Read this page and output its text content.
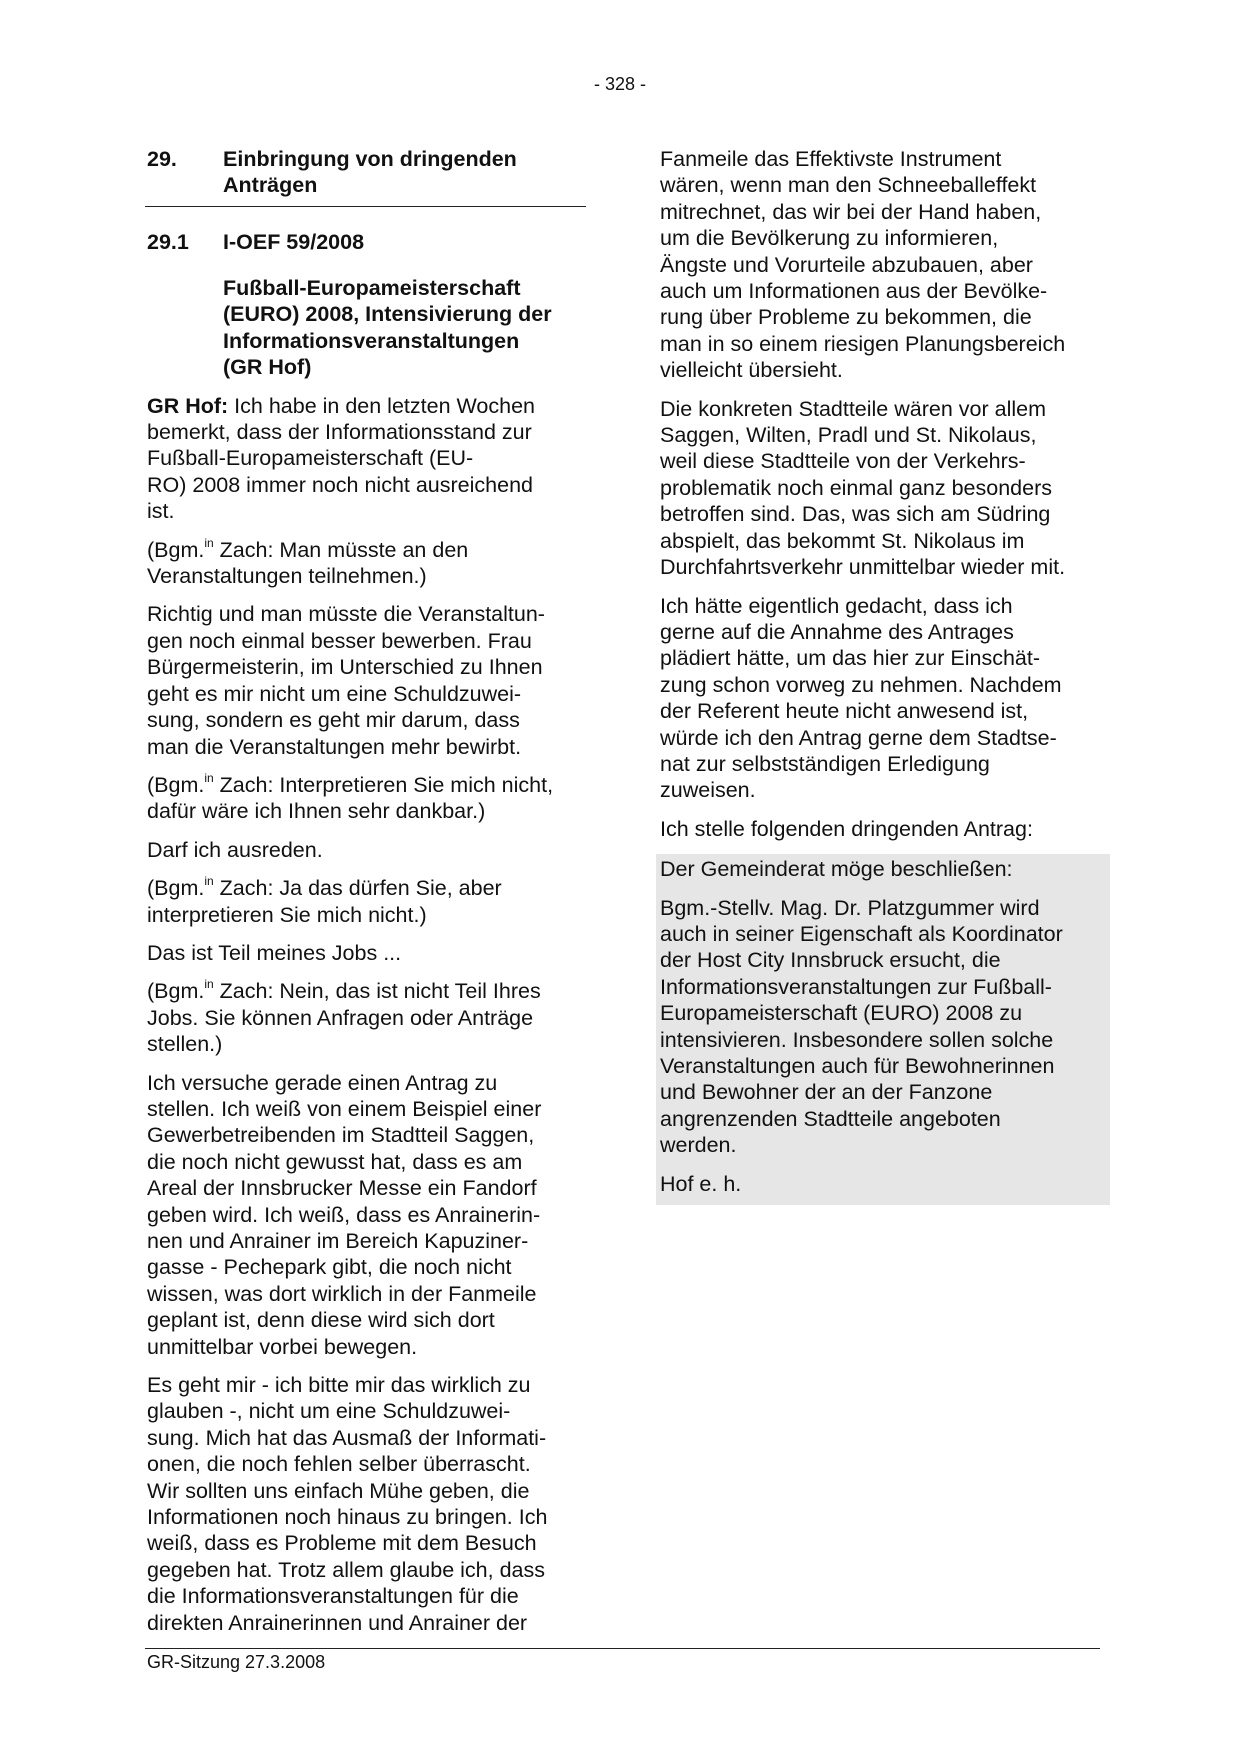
- 328 -
29.	Einbringung von dringenden
Anträgen
29.1	I-OEF 59/2008
Fußball-Europameisterschaft
(EURO) 2008, Intensivierung der
Informationsveranstaltungen
(GR Hof)

GR Hof: Ich habe in den letzten Wochen
bemerkt, dass der Informationsstand zur
Fußball-Europameisterschaft (EU-
RO) 2008 immer noch nicht ausreichend
ist.

(Bgm.$^{in}$ Zach: Man müsste an den
Veranstaltungen teilnehmen.)

Richtig und man müsste die Veranstaltun-
gen noch einmal besser bewerben. Frau
Bürgermeisterin, im Unterschied zu Ihnen
geht es mir nicht um eine Schuldzuwei-
sung, sondern es geht mir darum, dass
man die Veranstaltungen mehr bewirbt.

(Bgm.$^{in}$ Zach: Interpretieren Sie mich nicht,
dafür wäre ich Ihnen sehr dankbar.)

Darf ich ausreden.

(Bgm.$^{in}$ Zach: Ja das dürfen Sie, aber
interpretieren Sie mich nicht.)

Das ist Teil meines Jobs ...

(Bgm.$^{in}$ Zach: Nein, das ist nicht Teil Ihres
Jobs. Sie können Anfragen oder Anträge
stellen.)

Ich versuche gerade einen Antrag zu
stellen. Ich weiß von einem Beispiel einer
Gewerbetreibenden im Stadtteil Saggen,
die noch nicht gewusst hat, dass es am
Areal der Innsbrucker Messe ein Fandorf
geben wird. Ich weiß, dass es Anrainerin-
nen und Anrainer im Bereich Kapuziner-
gasse - Pechepark gibt, die noch nicht
wissen, was dort wirklich in der Fanmeile
geplant ist, denn diese wird sich dort
unmittelbar vorbei bewegen.

Es geht mir - ich bitte mir das wirklich zu
glauben -, nicht um eine Schuldzuwei-
sung. Mich hat das Ausmaß der Informati-
onen, die noch fehlen selber überrascht.
Wir sollten uns einfach Mühe geben, die
Informationen noch hinaus zu bringen. Ich
weiß, dass es Probleme mit dem Besuch
gegeben hat. Trotz allem glaube ich, dass
die Informationsveranstaltungen für die
direkten Anrainerinnen und Anrainer der

Fanmeile das Effektivste Instrument
wären, wenn man den Schneeballeffekt
mitrechnet, das wir bei der Hand haben,
um die Bevölkerung zu informieren,
Ängste und Vorurteile abzubauen, aber
auch um Informationen aus der Bevölke-
rung über Probleme zu bekommen, die
man in so einem riesigen Planungsbereich
vielleicht übersieht.

Die konkreten Stadtteile wären vor allem
Saggen, Wilten, Pradl und St. Nikolaus,
weil diese Stadtteile von der Verkehrs-
problematik noch einmal ganz besonders
betroffen sind. Das, was sich am Südring
abspielt, das bekommt St. Nikolaus im
Durchfahrtsverkehr unmittelbar wieder mit.

Ich hätte eigentlich gedacht, dass ich
gerne auf die Annahme des Antrages
plädiert hätte, um das hier zur Einschät-
zung schon vorweg zu nehmen. Nachdem
der Referent heute nicht anwesend ist,
würde ich den Antrag gerne dem Stadtse-
nat zur selbstständigen Erledigung
zuweisen.

Ich stelle folgenden dringenden Antrag:

Der Gemeinderat möge beschließen:

Bgm.-Stellv. Mag. Dr. Platzgummer wird
auch in seiner Eigenschaft als Koordinator
der Host City Innsbruck ersucht, die
Informationsveranstaltungen zur Fußball-
Europameisterschaft (EURO) 2008 zu
intensivieren. Insbesondere sollen solche
Veranstaltungen auch für Bewohnerinnen
und Bewohner der an der Fanzone
angrenzenden Stadtteile angeboten
werden.

Hof e. h.

GR-Sitzung 27.3.2008
